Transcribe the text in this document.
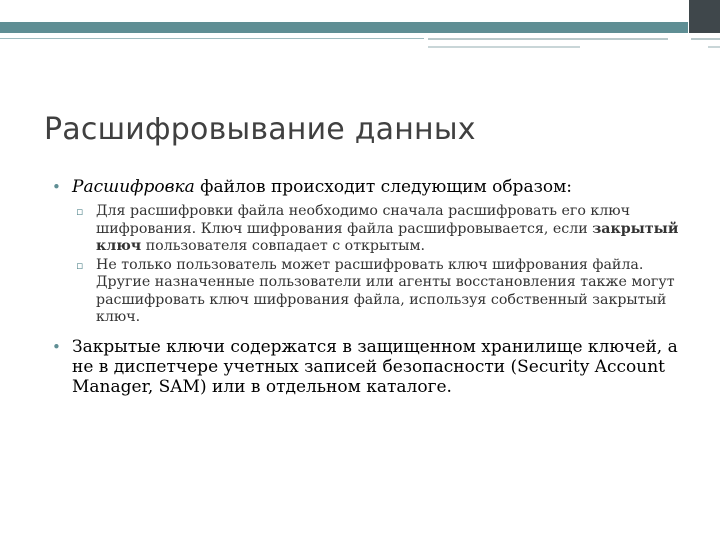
Расшифровывание данных

• Расшифровка файлов происходит следующим образом:

▫ Для расшифровки файла необходимо сначала расшифровать его ключ шифрования. Ключ шифрования файла расшифровывается, если закрытый ключ пользователя совпадает с открытым.

▫ Не только пользователь может расшифровать ключ шифрования файла. Другие назначенные пользователи или агенты восстановления также могут расшифровать ключ шифрования файла, используя собственный закрытый ключ.

• Закрытые ключи содержатся в защищенном хранилище ключей, а не в диспетчере учетных записей безопасности (Security Account Manager, SAM) или в отдельном каталоге.
